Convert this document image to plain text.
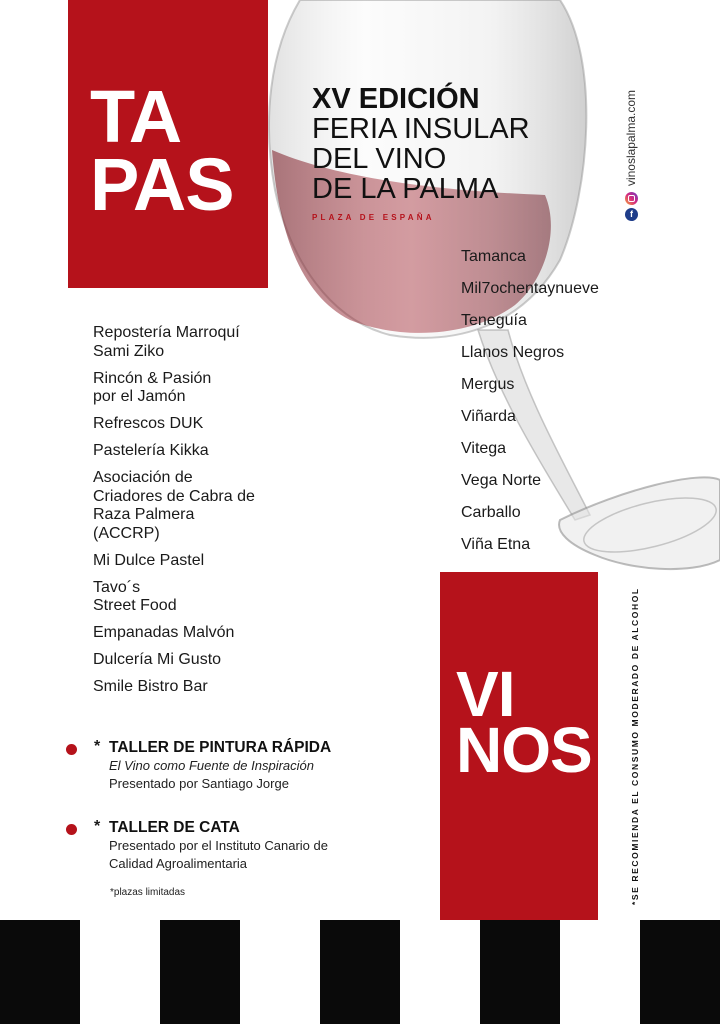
TA
PAS
XV EDICIÓN
FERIA INSULAR
DEL VINO
DE LA PALMA
PLAZA DE ESPAÑA
vinoslapalma.com
f
Repostería Marroquí
Sami Ziko
Rincón & Pasión
por el Jamón
Refrescos DUK
Pastelería Kikka
Asociación de
Criadores de Cabra de
Raza Palmera
(ACCRP)
Mi Dulce Pastel
Tavo´s
Street Food
Empanadas Malvón
Dulcería Mi Gusto
Smile Bistro Bar
Tamanca
Mil7ochentaynueve
Teneguía
Llanos Negros
Mergus
Viñarda
Vitega
Vega Norte
Carballo
Viña Etna
VI
NOS	*SE RECOMIENDA EL CONSUMO MODERADO DE ALCOHOL
* TALLER DE PINTURA RÁPIDA
El Vino como Fuente de Inspiración
Presentado por Santiago Jorge
* TALLER DE CATA
Presentado por el Instituto Canario de
Calidad Agroalimentaria
*plazas limitadas
